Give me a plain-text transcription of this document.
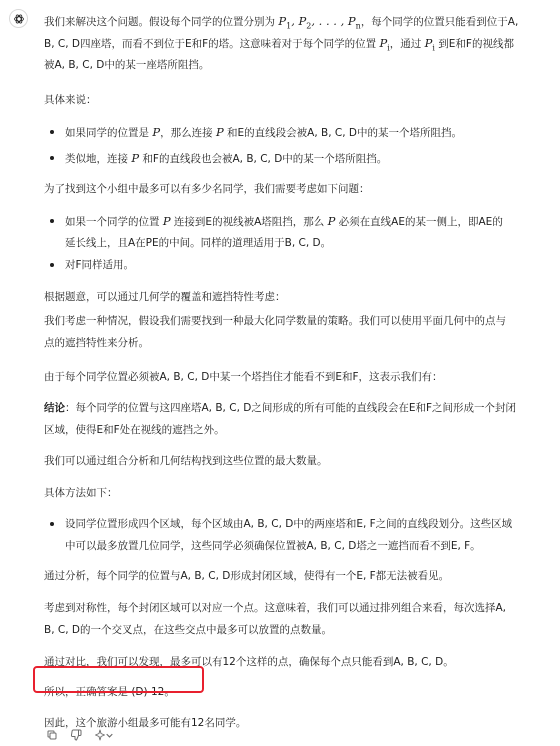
我们来解决这个问题。假设每个同学的位置分别为 $P_1$, $P_2$, . . . , $P_n$，每个同学的位置只能看到位于A,
B, C, D四座塔，而看不到位于E和F的塔。这意味着对于每个同学的位置 $P_i$，通过 $P_i$ 到E和F的视线都
被A, B, C, D中的某一座塔所阻挡。
具体来说：
如果同学的位置是 P，那么连接 P 和E的直线段会被A, B, C, D中的某一个塔所阻挡。
类似地，连接 P 和F的直线段也会被A, B, C, D中的某一个塔所阻挡。
为了找到这个小组中最多可以有多少名同学，我们需要考虑如下问题：
如果一个同学的位置 P 连接到E的视线被A塔阻挡，那么 P 必须在直线AE的某一侧上，即AE的
延长线上，且A在PE的中间。同样的道理适用于B, C, D。
对F同样适用。
根据题意，可以通过几何学的覆盖和遮挡特性考虑：
我们考虑一种情况，假设我们需要找到一种最大化同学数量的策略。我们可以使用平面几何中的点与
点的遮挡特性来分析。
由于每个同学位置必须被A, B, C, D中某一个塔挡住才能看不到E和F，这表示我们有：
结论：每个同学的位置与这四座塔A, B, C, D之间形成的所有可能的直线段会在E和F之间形成一个封闭
区域，使得E和F处在视线的遮挡之外。
我们可以通过组合分析和几何结构找到这些位置的最大数量。
具体方法如下：
设同学位置形成四个区域，每个区域由A, B, C, D中的两座塔和E, F之间的直线段划分。这些区域
中可以最多放置几位同学，这些同学必须确保位置被A, B, C, D塔之一遮挡而看不到E, F。
通过分析，每个同学的位置与A, B, C, D形成封闭区域，使得有一个E, F都无法被看见。
考虑到对称性，每个封闭区域可以对应一个点。这意味着，我们可以通过排列组合来看，每次选择A,
B, C, D的一个交叉点，在这些交点中最多可以放置的点数量。
通过对比，我们可以发现，最多可以有12个这样的点，确保每个点只能看到A, B, C, D。
所以，正确答案是 (D) 12。
因此，这个旅游小组最多可能有12名同学。
